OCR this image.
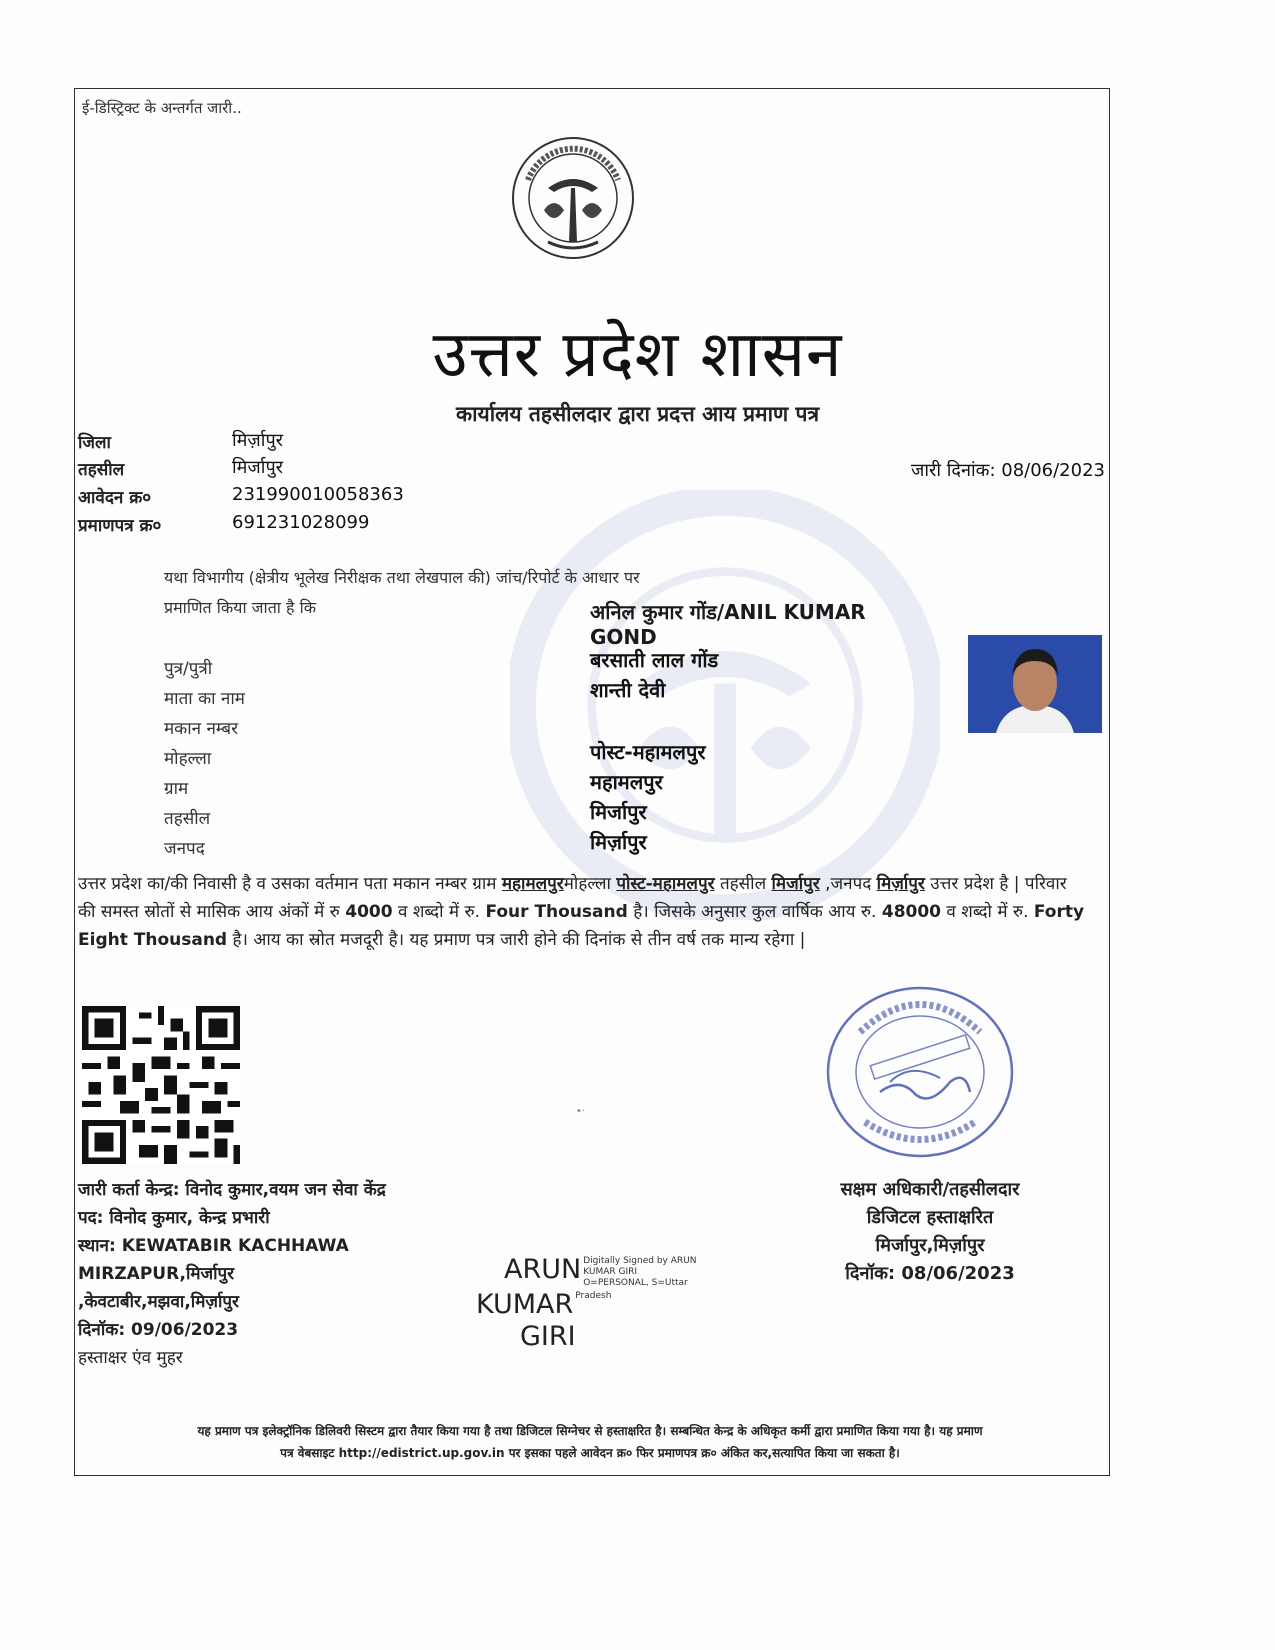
ई-डिस्ट्रिक्ट के अन्तर्गत जारी..
उत्तर प्रदेश शासन
कार्यालय तहसीलदार द्वारा प्रदत्त आय प्रमाण पत्र
जिला	मिर्ज़ापुर
तहसील	मिर्जापुर
आवेदन क्र०	231990010058363
प्रमाणपत्र क्र०	691231028099
जारी दिनांक: 08/06/2023
यथा विभागीय (क्षेत्रीय भूलेख निरीक्षक तथा लेखपाल की) जांच/रिपोर्ट के आधार पर
प्रमाणित किया जाता है कि	अनिल कुमार गोंड/ANIL KUMAR GOND
पुत्र/पुत्री	बरसाती लाल गोंड
माता का नाम	शान्ती देवी
मकान नम्बर
मोहल्ला	पोस्ट-महामलपुर
ग्राम	महामलपुर
तहसील	मिर्जापुर
जनपद	मिर्ज़ापुर
उत्तर प्रदेश का/की निवासी है व उसका वर्तमान पता मकान नम्बर ग्राम महामलपुरमोहल्ला पोस्ट-महामलपुर तहसील मिर्जापुर ,जनपद मिर्ज़ापुर उत्तर प्रदेश है | परिवार की समस्त स्रोतों से मासिक आय अंकों में रु 4000 व शब्दो में रु. Four Thousand है। जिसके अनुसार कुल वार्षिक आय रु. 48000 व शब्दो में रु. Forty Eight Thousand है। आय का स्रोत मजदूरी है। यह प्रमाण पत्र जारी होने की दिनांक से तीन वर्ष तक मान्य रहेगा |
जारी कर्ता केन्द्र: विनोद कुमार,वयम जन सेवा केंद्र
पद: विनोद कुमार, केन्द्र प्रभारी
स्थान: KEWATABIR KACHHAWA
MIRZAPUR,मिर्जापुर
,केवटाबीर,मझवा,मिर्ज़ापुर
दिनॉक: 09/06/2023
हस्ताक्षर एंव मुहर
•·
ARUN Digitally Signed by ARUN
KUMAR GIRI
O=PERSONAL, S=Uttar
KUMAR Pradesh
GIRI
सक्षम अधिकारी/तहसीलदार
डिजिटल हस्ताक्षरित
मिर्जापुर,मिर्ज़ापुर
दिनॉक: 08/06/2023
यह प्रमाण पत्र इलेक्ट्रॉनिक डिलिवरी सिस्टम द्वारा तैयार किया गया है तथा डिजिटल सिग्नेचर से हस्ताक्षरित है। सम्बन्धित केन्द्र के अधिकृत कर्मी द्वारा प्रमाणित किया गया है। यह प्रमाण
पत्र वेबसाइट http://edistrict.up.gov.in पर इसका पहले आवेदन क्र० फिर प्रमाणपत्र क्र० अंकित कर,सत्यापित किया जा सकता है।
